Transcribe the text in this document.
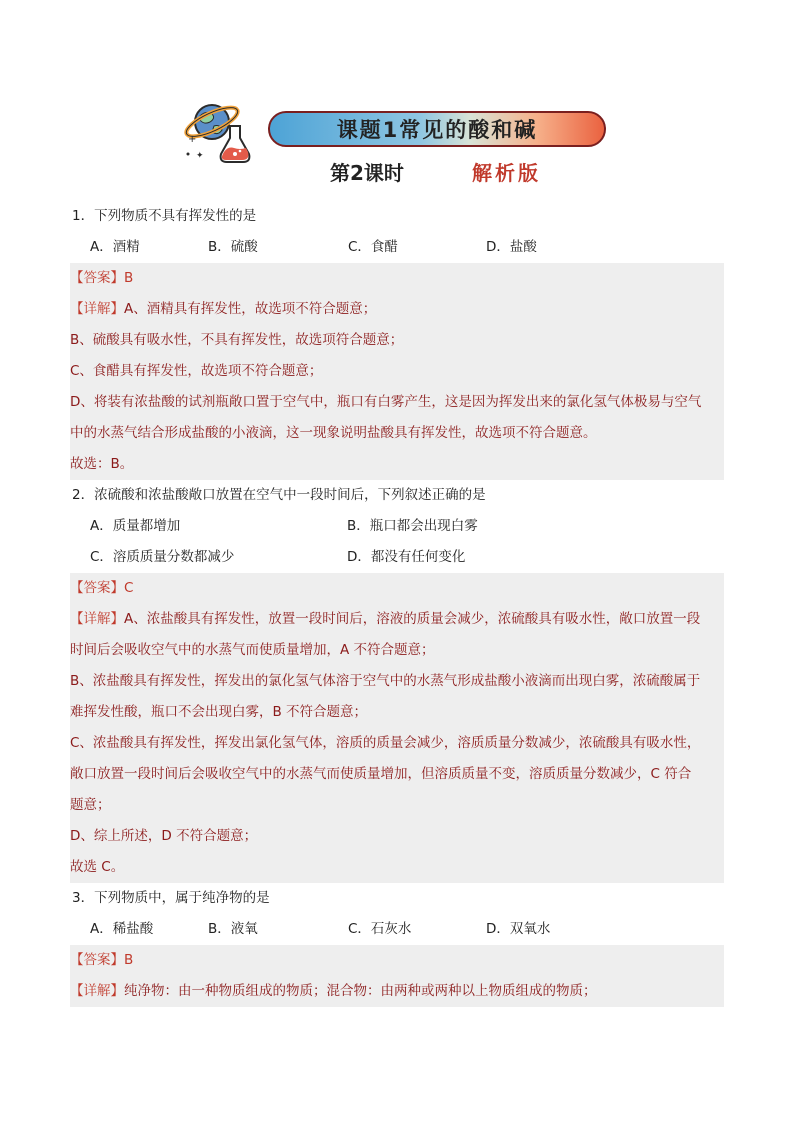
+
✦
课题1常见的酸和碱
第2课时	解析版
1．下列物质不具有挥发性的是
A．酒精	B．硫酸	C．食醋	D．盐酸
【答案】B
【详解】A、酒精具有挥发性，故选项不符合题意；
B、硫酸具有吸水性，不具有挥发性，故选项符合题意；
C、食醋具有挥发性，故选项不符合题意；
D、将装有浓盐酸的试剂瓶敞口置于空气中，瓶口有白雾产生，这是因为挥发出来的氯化氢气体极易与空气
中的水蒸气结合形成盐酸的小液滴，这一现象说明盐酸具有挥发性，故选项不符合题意。
故选：B。
2．浓硫酸和浓盐酸敞口放置在空气中一段时间后，下列叙述正确的是
A．质量都增加	B．瓶口都会出现白雾
C．溶质质量分数都减少	D．都没有任何变化
【答案】C
【详解】A、浓盐酸具有挥发性，放置一段时间后，溶液的质量会减少，浓硫酸具有吸水性，敞口放置一段
时间后会吸收空气中的水蒸气而使质量增加，A 不符合题意；
B、浓盐酸具有挥发性，挥发出的氯化氢气体溶于空气中的水蒸气形成盐酸小液滴而出现白雾，浓硫酸属于
难挥发性酸，瓶口不会出现白雾，B 不符合题意；
C、浓盐酸具有挥发性，挥发出氯化氢气体，溶质的质量会减少，溶质质量分数减少，浓硫酸具有吸水性，
敞口放置一段时间后会吸收空气中的水蒸气而使质量增加，但溶质质量不变，溶质质量分数减少，C 符合
题意；
D、综上所述，D 不符合题意；
故选 C。
3．下列物质中，属于纯净物的是
A．稀盐酸	B．液氧	C．石灰水	D．双氧水
【答案】B
【详解】纯净物：由一种物质组成的物质；混合物：由两种或两种以上物质组成的物质；
